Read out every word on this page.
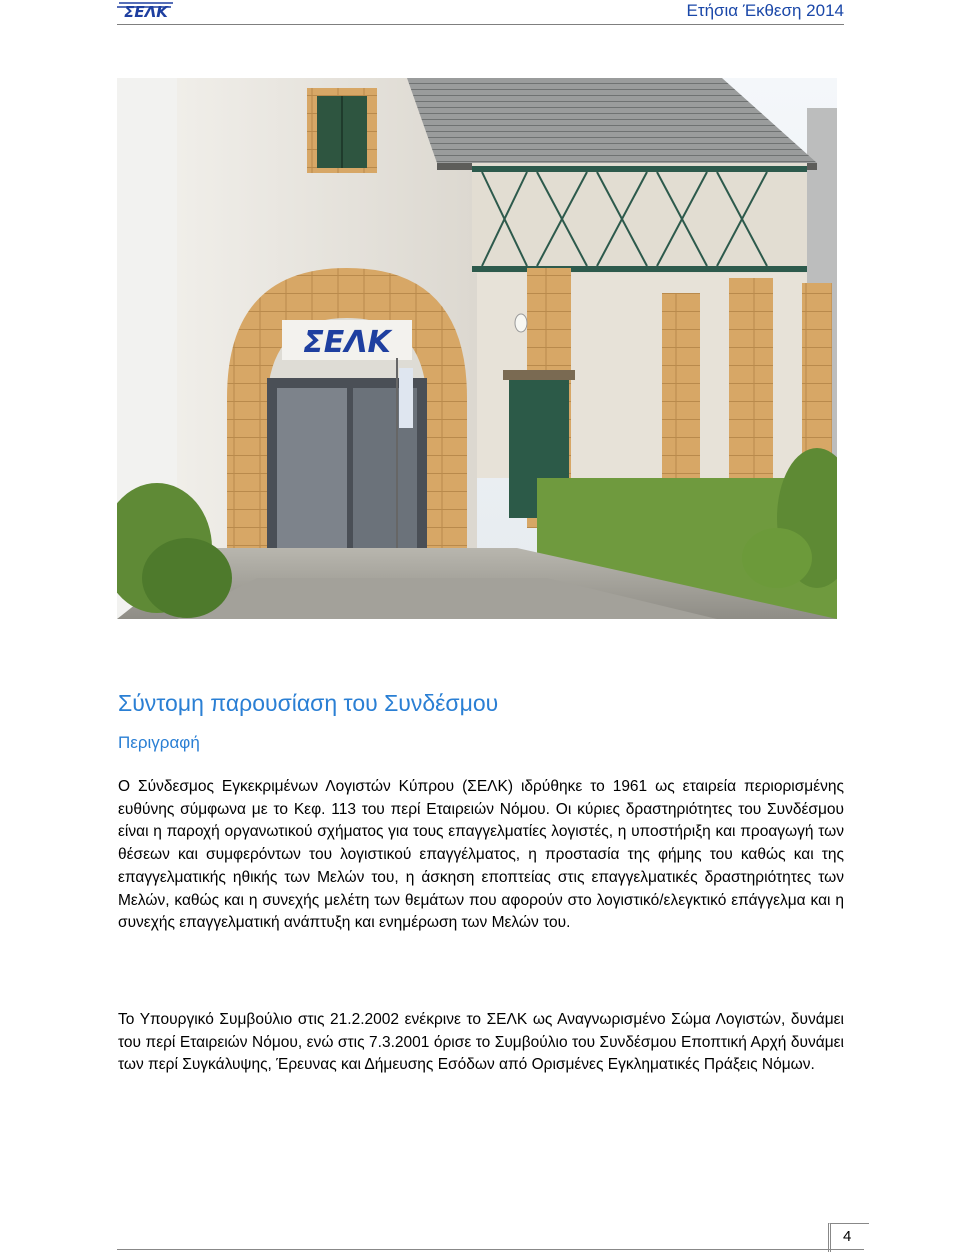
ΣΕΛΚ	Ετήσια Έκθεση 2014
ΣΕΛΚ
Σύντομη παρουσίαση του Συνδέσμου
Περιγραφή
Ο Σύνδεσμος Εγκεκριμένων Λογιστών Κύπρου (ΣΕΛΚ) ιδρύθηκε το 1961 ως εταιρεία περιορισμένης ευθύνης σύμφωνα με το Κεφ. 113 του περί Εταιρειών Νόμου. Οι κύριες δραστηριότητες του Συνδέσμου είναι η παροχή οργανωτικού σχήματος για τους επαγγελματίες λογιστές, η υποστήριξη και προαγωγή των θέσεων και συμφερόντων του λογιστικού επαγγέλματος, η προστασία της φήμης του καθώς και της επαγγελματικής ηθικής των Μελών του, η άσκηση εποπτείας στις επαγγελματικές δραστηριότητες των Μελών, καθώς και η συνεχής μελέτη των θεμάτων που αφορούν στο λογιστικό/ελεγκτικό επάγγελμα και η συνεχής επαγγελματική ανάπτυξη και ενημέρωση των Μελών του.
Το Υπουργικό Συμβούλιο στις 21.2.2002 ενέκρινε το ΣΕΛΚ ως Αναγνωρισμένο Σώμα Λογιστών, δυνάμει του περί Εταιρειών Νόμου, ενώ στις 7.3.2001 όρισε το Συμβούλιο του Συνδέσμου Εποπτική Αρχή δυνάμει των περί Συγκάλυψης, Έρευνας και Δήμευσης Εσόδων από Ορισμένες Εγκληματικές Πράξεις Νόμων.
4
